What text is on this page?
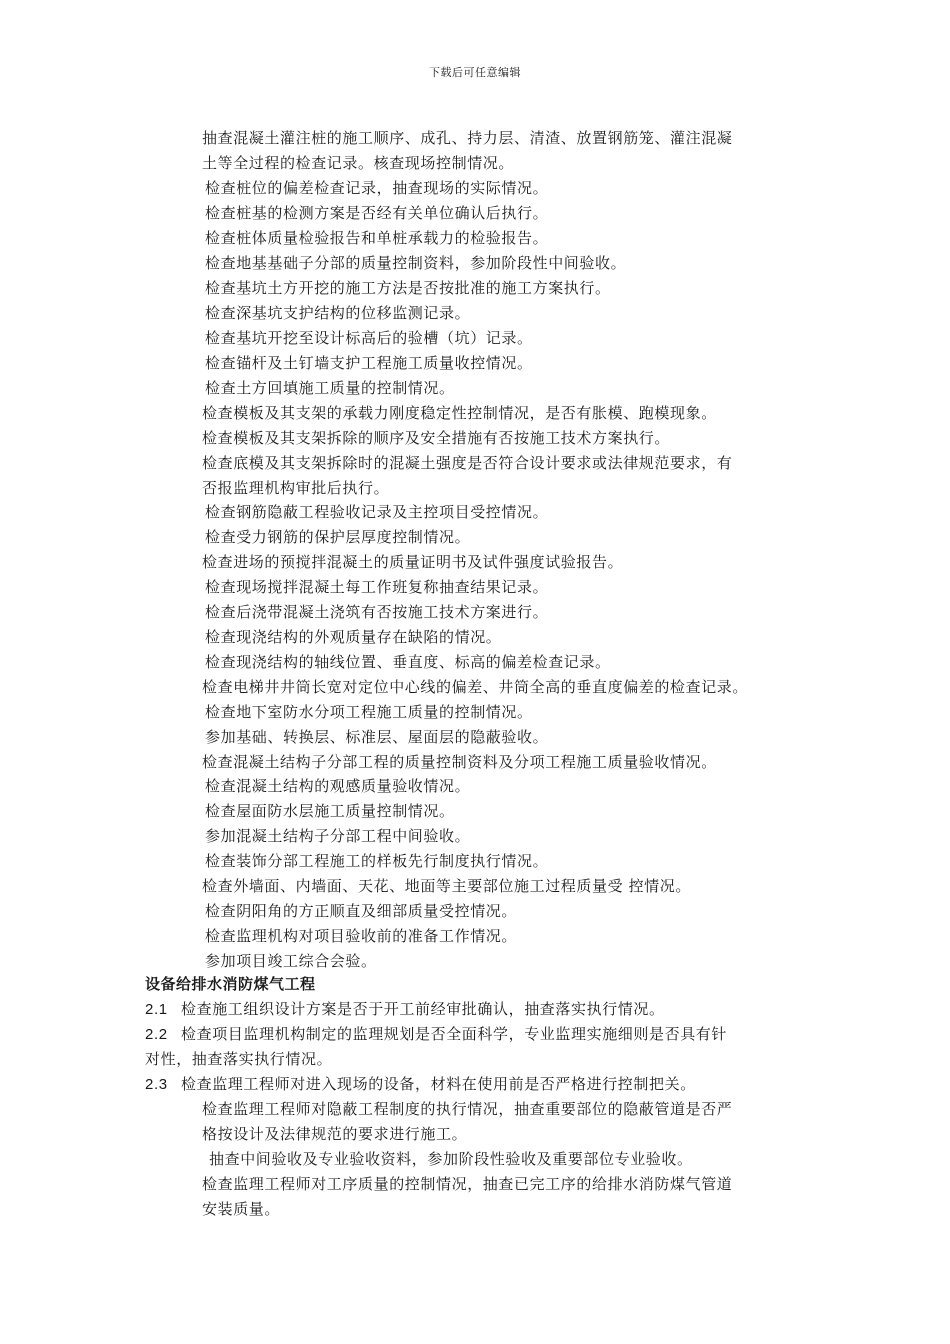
下载后可任意编辑
抽查混凝土灌注桩的施工顺序、成孔、持力层、清渣、放置钢筋笼、灌注混凝
土等全过程的检查记录。核查现场控制情况。
检查桩位的偏差检查记录，抽查现场的实际情况。
检查桩基的检测方案是否经有关单位确认后执行。
检查桩体质量检验报告和单桩承载力的检验报告。
检查地基基础子分部的质量控制资料，参加阶段性中间验收。
检查基坑土方开挖的施工方法是否按批准的施工方案执行。
检查深基坑支护结构的位移监测记录。
检查基坑开挖至设计标高后的验槽（坑）记录。
检查锚杆及土钉墙支护工程施工质量收控情况。
检查土方回填施工质量的控制情况。
检查模板及其支架的承载力刚度稳定性控制情况，是否有胀模、跑模现象。
检查模板及其支架拆除的顺序及安全措施有否按施工技术方案执行。
检查底模及其支架拆除时的混凝土强度是否符合设计要求或法律规范要求，有
否报监理机构审批后执行。
检查钢筋隐蔽工程验收记录及主控项目受控情况。
检查受力钢筋的保护层厚度控制情况。
检查进场的预搅拌混凝土的质量证明书及试件强度试验报告。
检查现场搅拌混凝土每工作班复称抽查结果记录。
检查后浇带混凝土浇筑有否按施工技术方案进行。
检查现浇结构的外观质量存在缺陷的情况。
检查现浇结构的轴线位置、垂直度、标高的偏差检查记录。
检查电梯井井筒长宽对定位中心线的偏差、井筒全高的垂直度偏差的检查记录。
检查地下室防水分项工程施工质量的控制情况。
参加基础、转换层、标准层、屋面层的隐蔽验收。
检查混凝土结构子分部工程的质量控制资料及分项工程施工质量验收情况。
检查混凝土结构的观感质量验收情况。
检查屋面防水层施工质量控制情况。
参加混凝土结构子分部工程中间验收。
检查装饰分部工程施工的样板先行制度执行情况。
检查外墙面、内墙面、天花、地面等主要部位施工过程质量受 控情况。
检查阴阳角的方正顺直及细部质量受控情况。
检查监理机构对项目验收前的准备工作情况。
参加项目竣工综合会验。
设备给排水消防煤气工程
2.1 检查施工组织设计方案是否于开工前经审批确认，抽查落实执行情况。
2.2 检查项目监理机构制定的监理规划是否全面科学，专业监理实施细则是否具有针
对性，抽查落实执行情况。
2.3 检查监理工程师对进入现场的设备，材料在使用前是否严格进行控制把关。
检查监理工程师对隐蔽工程制度的执行情况，抽查重要部位的隐蔽管道是否严
格按设计及法律规范的要求进行施工。
抽查中间验收及专业验收资料，参加阶段性验收及重要部位专业验收。
检查监理工程师对工序质量的控制情况，抽查已完工序的给排水消防煤气管道
安装质量。
